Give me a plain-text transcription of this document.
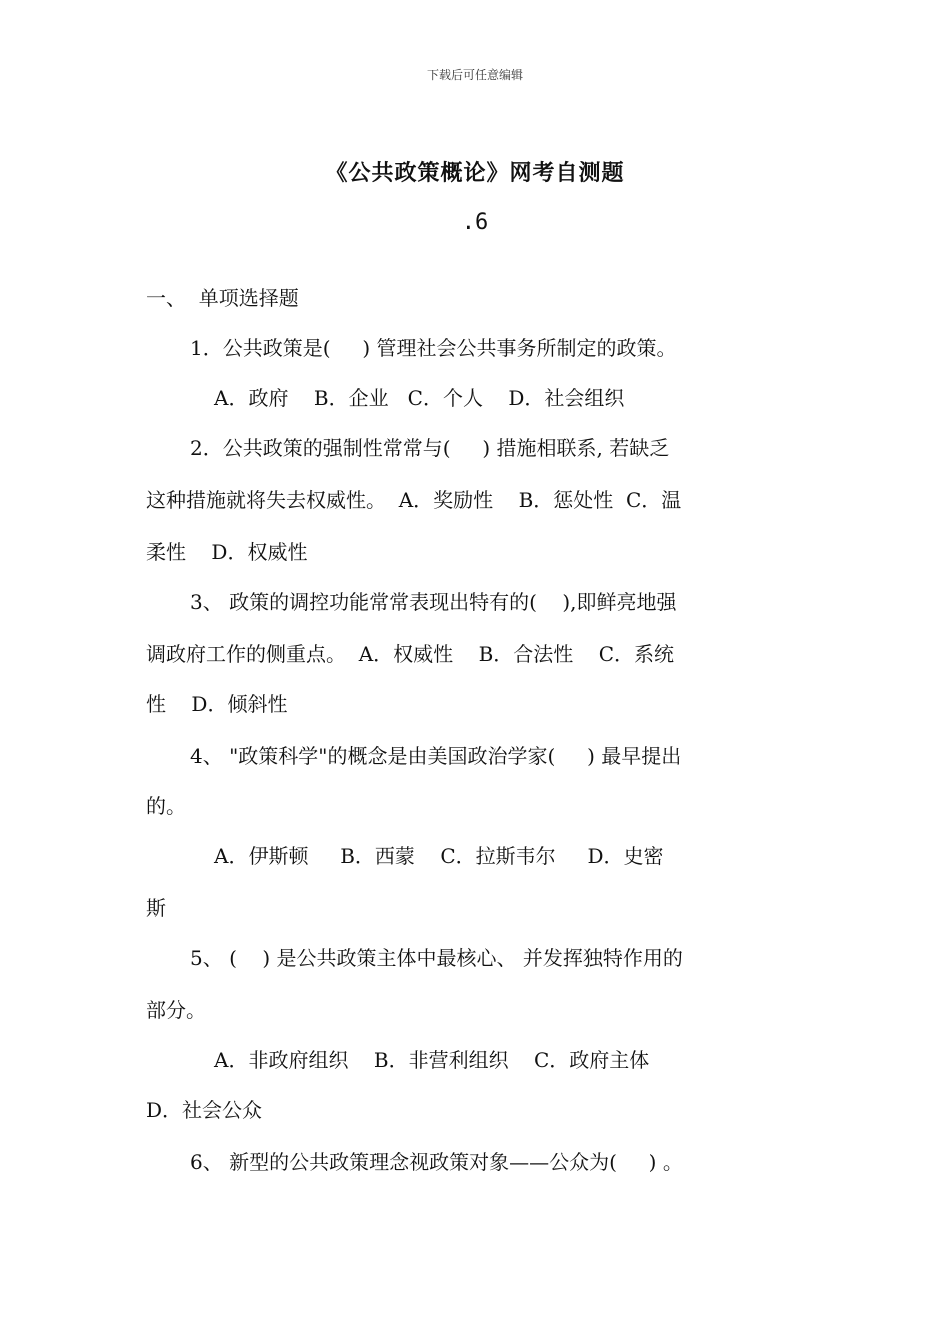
下载后可任意编辑
《公共政策概论》网考自测题
.6
一、  单项选择题
1．公共政策是(     ) 管理社会公共事务所制定的政策。
A．政府    B．企业   C．个人    D．社会组织
2．公共政策的强制性常常与(     ) 措施相联系, 若缺乏
这种措施就将失去权威性。  A．奖励性    B．惩处性  C．温
柔性    D．权威性
3、 政策的调控功能常常表现出特有的(    ),即鲜亮地强
调政府工作的侧重点。  A．权威性    B．合法性    C．系统
性    D．倾斜性
4、 "政策科学"的概念是由美国政治学家(     ) 最早提出
的。
A．伊斯顿     B．西蒙    C．拉斯韦尔     D．史密
斯
5、 (    ) 是公共政策主体中最核心、 并发挥独特作用的
部分。
A．非政府组织    B．非营利组织    C．政府主体
D．社会公众
6、 新型的公共政策理念视政策对象——公众为(     ) 。
